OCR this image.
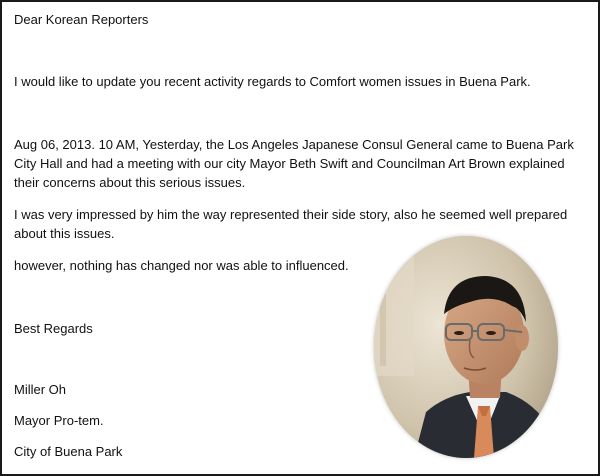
Dear Korean Reporters
I would like to update you recent activity regards to Comfort women issues in Buena Park.
Aug 06, 2013. 10 AM, Yesterday, the Los Angeles Japanese Consul General came to Buena Park City Hall and had a meeting with our city Mayor Beth Swift and Councilman Art Brown explained their concerns about this serious issues.
I was very impressed by him the way represented their side story, also he seemed well prepared about this issues.
however, nothing has changed nor was able to influenced.
Best Regards
Miller Oh
Mayor Pro-tem.
City of Buena Park
